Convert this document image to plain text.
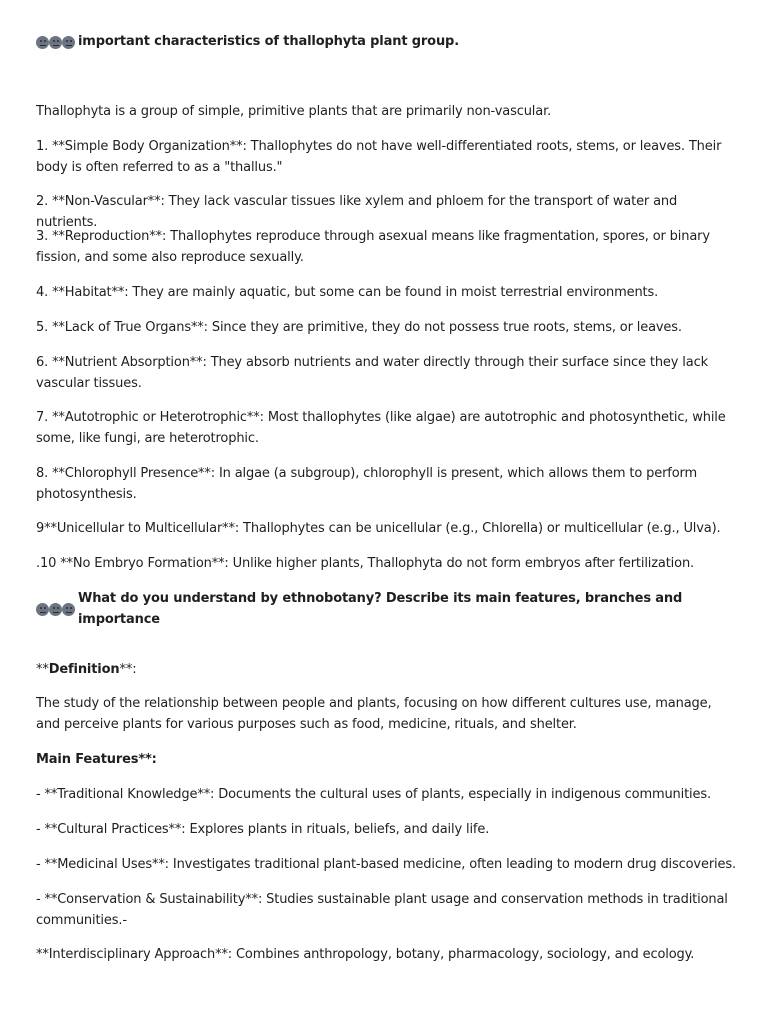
important characteristics of thallophyta plant group.

Thallophyta is a group of simple, primitive plants that are primarily non-vascular.

1. **Simple Body Organization**: Thallophytes do not have well-differentiated roots, stems, or leaves. Their body is often referred to as a "thallus."

2. **Non-Vascular**: They lack vascular tissues like xylem and phloem for the transport of water and nutrients.

3. **Reproduction**: Thallophytes reproduce through asexual means like fragmentation, spores, or binary fission, and some also reproduce sexually.

4. **Habitat**: They are mainly aquatic, but some can be found in moist terrestrial environments.

5. **Lack of True Organs**: Since they are primitive, they do not possess true roots, stems, or leaves.

6. **Nutrient Absorption**: They absorb nutrients and water directly through their surface since they lack vascular tissues.

7. **Autotrophic or Heterotrophic**: Most thallophytes (like algae) are autotrophic and photosynthetic, while some, like fungi, are heterotrophic.

8. **Chlorophyll Presence**: In algae (a subgroup), chlorophyll is present, which allows them to perform photosynthesis.

9**Unicellular to Multicellular**: Thallophytes can be unicellular (e.g., Chlorella) or multicellular (e.g., Ulva).

.10 **No Embryo Formation**: Unlike higher plants, Thallophyta do not form embryos after fertilization.

What do you understand by ethnobotany? Describe its main features, branches and importance

**Definition**:

The study of the relationship between people and plants, focusing on how different cultures use, manage, and perceive plants for various purposes such as food, medicine, rituals, and shelter.

Main Features**:

- **Traditional Knowledge**: Documents the cultural uses of plants, especially in indigenous communities.

- **Cultural Practices**: Explores plants in rituals, beliefs, and daily life.

- **Medicinal Uses**: Investigates traditional plant-based medicine, often leading to modern drug discoveries.

- **Conservation & Sustainability**: Studies sustainable plant usage and conservation methods in traditional communities.-

**Interdisciplinary Approach**: Combines anthropology, botany, pharmacology, sociology, and ecology.
